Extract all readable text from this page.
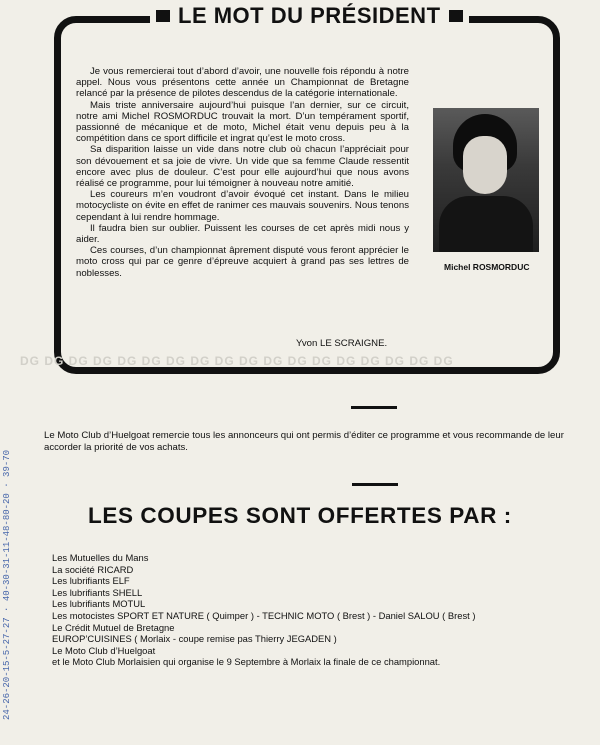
LE MOT DU PRÉSIDENT

Je vous remercierai tout d’abord d’avoir, une nouvelle fois répondu à notre appel. Nous vous présentons cette année un Championnat de Bretagne relancé par la présence de pilotes descendus de la catégorie internationale.

Mais triste anniversaire aujourd’hui puisque l’an dernier, sur ce circuit, notre ami Michel ROSMORDUC trouvait la mort. D’un tempérament sportif, passionné de mécanique et de moto, Michel était venu depuis peu à la compétition dans ce sport difficile et ingrat qu’est le moto cross.

Sa disparition laisse un vide dans notre club où chacun l’appréciait pour son dévouement et sa joie de vivre. Un vide que sa femme Claude ressentit encore avec plus de douleur. C’est pour elle aujourd’hui que nous avons réalisé ce programme, pour lui témoigner à nouveau notre amitié.

Les coureurs m’en voudront d’avoir évoqué cet instant. Dans le milieu motocycliste on évite en effet de ranimer ces mauvais souvenirs. Nous tenons cependant à lui rendre hommage.

Il faudra bien sur oublier. Puissent les courses de cet après midi nous y aider.

Ces courses, d’un championnat âprement disputé vous feront apprécier le moto cross qui par ce genre d’épreuve acquiert à grand pas ses lettres de noblesses.

Yvon LE SCRAIGNE.
Michel ROSMORDUC
DG DG DG DG DG DG DG DG DG DG DG DG DG DG DG DG DG DG
Le Moto Club d’Huelgoat remercie tous les annonceurs qui ont permis d’éditer ce programme et vous recommande de leur accorder la priorité de vos achats.
LES COUPES SONT OFFERTES PAR :
Les Mutuelles du Mans
La société RICARD
Les lubrifiants ELF
Les lubrifiants SHELL
Les lubrifiants MOTUL
Les motocistes SPORT ET NATURE ( Quimper ) - TECHNIC MOTO ( Brest ) - Daniel SALOU ( Brest )
Le Crédit Mutuel de Bretagne
EUROP’CUISINES ( Morlaix - coupe remise pas Thierry JEGADEN )
Le Moto Club d’Huelgoat
et le Moto Club Morlaisien qui organise le 9 Septembre à Morlaix la finale de ce championnat.
24-26-20-15-5-27-27 · 40-30-31-11-48-80-20 · 39-70
